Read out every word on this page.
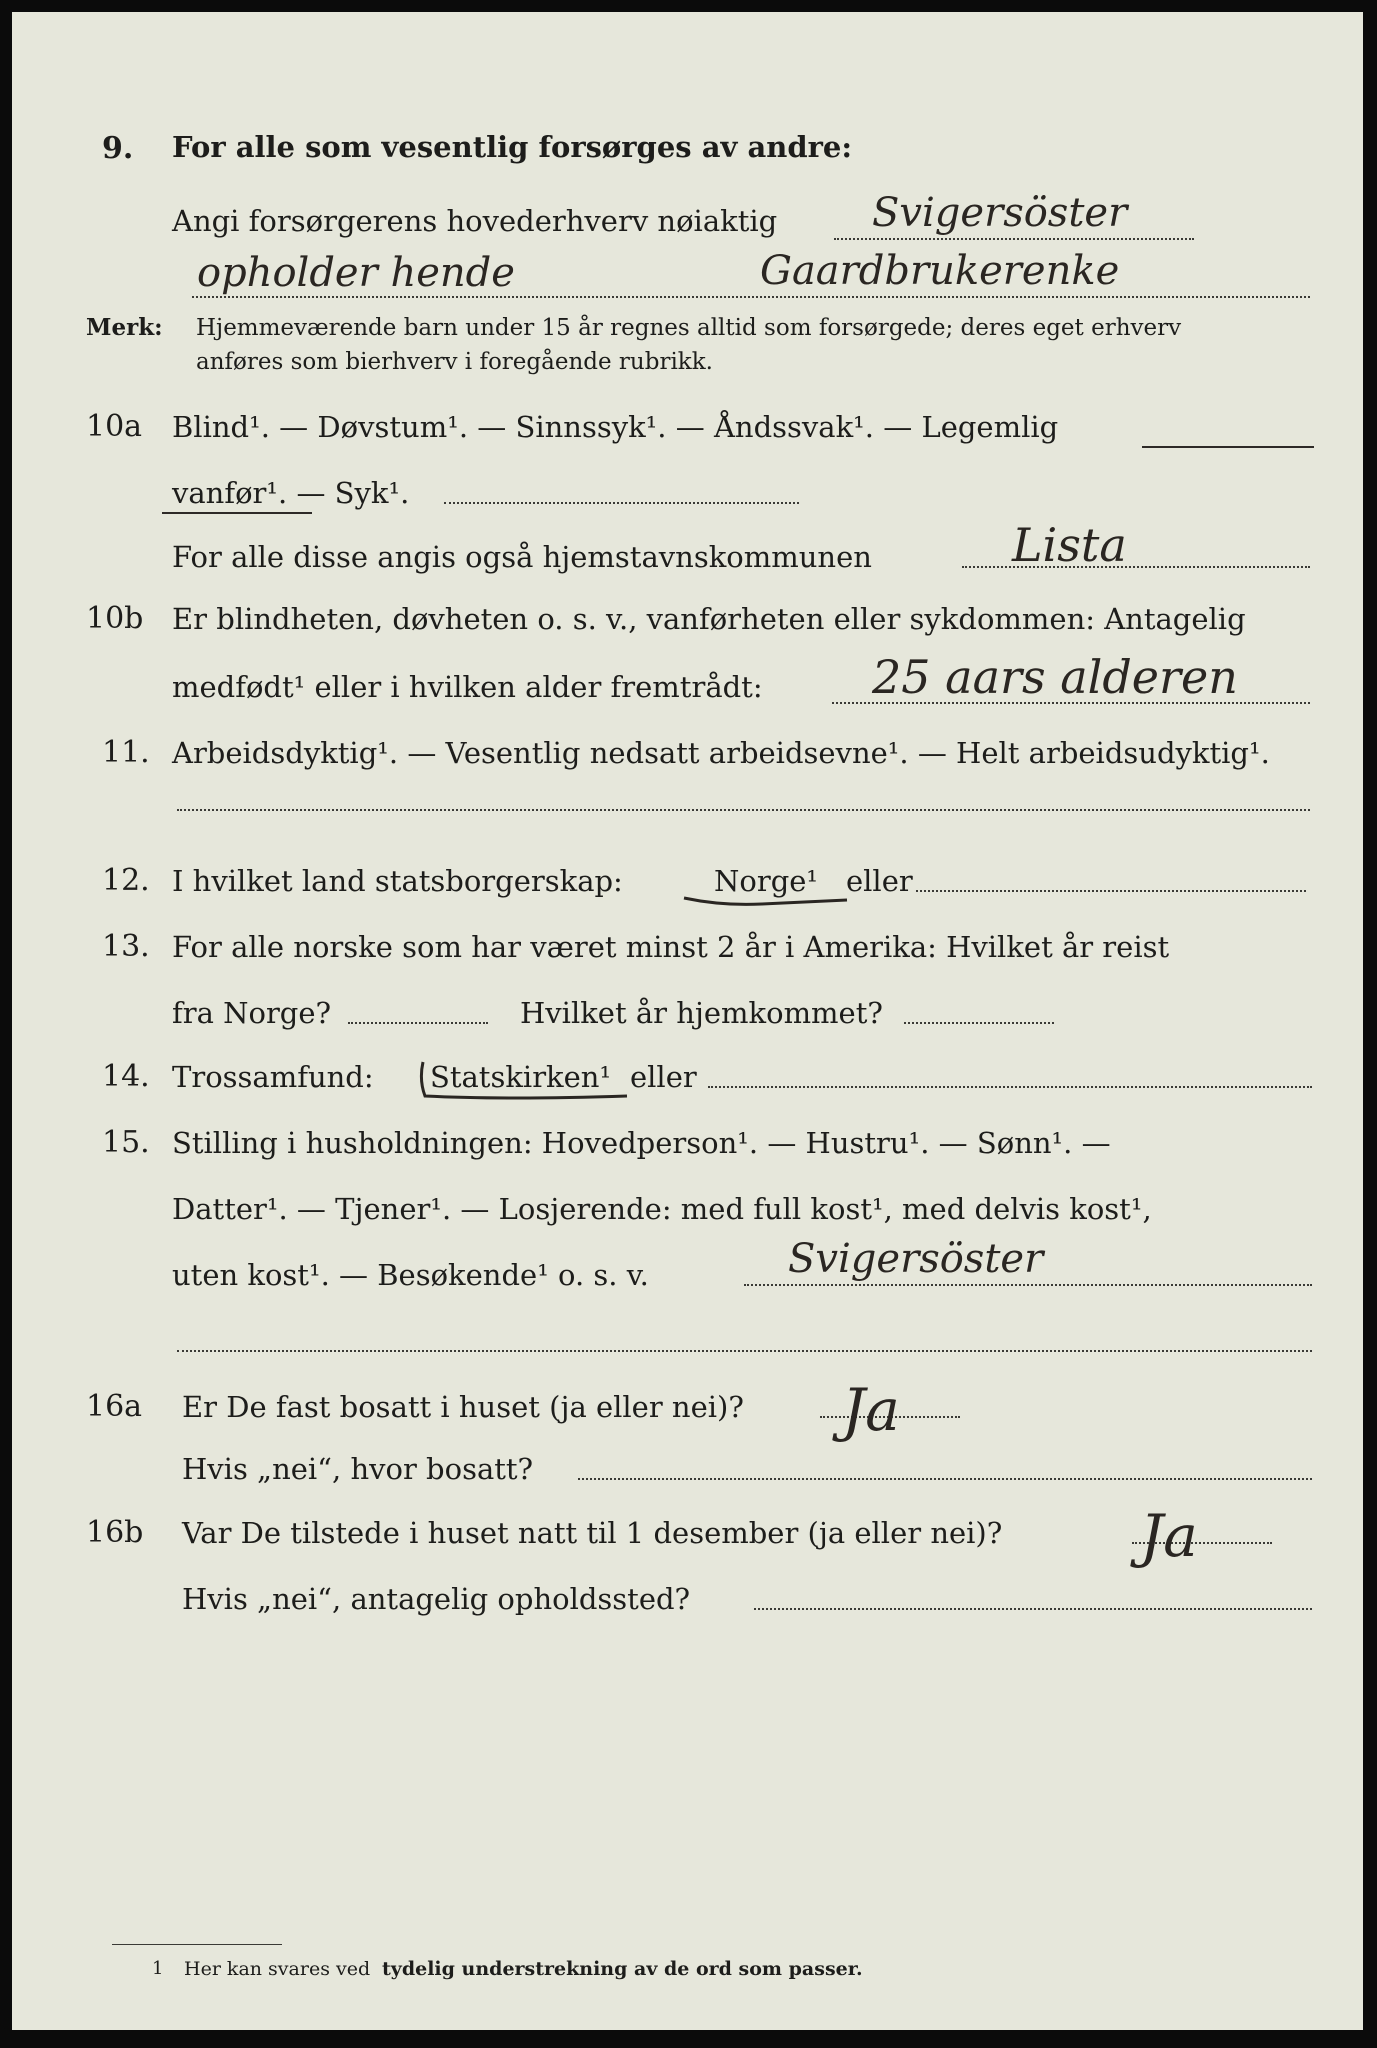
9. For alle som vesentlig forsørges av andre:
Angi forsørgerens hovederhverv nøiaktig Svigersöster
opholder hende	Gaardbrukerenke
Merk: Hjemmeværende barn under 15 år regnes alltid som forsørgede; deres eget erhverv
anføres som bierhverv i foregående rubrikk.
10a Blind¹. — Døvstum¹. — Sinnssyk¹. — Åndssvak¹. — Legemlig
vanfør¹. — Syk¹.
For alle disse angis også hjemstavnskommunen	Lista
10b Er blindheten, døvheten o. s. v., vanførheten eller sykdommen: Antagelig
medfødt¹ eller i hvilken alder fremtrådt: 25 aars alderen
11. Arbeidsdyktig¹. — Vesentlig nedsatt arbeidsevne¹. — Helt arbeidsudyktig¹.
12. I hvilket land statsborgerskap:	Norge¹ eller
13. For alle norske som har været minst 2 år i Amerika: Hvilket år reist
fra Norge?	Hvilket år hjemkommet?
14. Trossamfund: Statskirken¹ eller
15. Stilling i husholdningen: Hovedperson¹. — Hustru¹. — Sønn¹. —
Datter¹. — Tjener¹. — Losjerende: med full kost¹, med delvis kost¹,
uten kost¹. — Besøkende¹ o. s. v.	Svigersöster
16a Er De fast bosatt i huset (ja eller nei)? Ja
Hvis „nei“, hvor bosatt?
16b Var De tilstede i huset natt til 1 desember (ja eller nei)? Ja
Hvis „nei“, antagelig opholdssted?
1 Her kan svares ved tydelig understrekning av de ord som passer.
